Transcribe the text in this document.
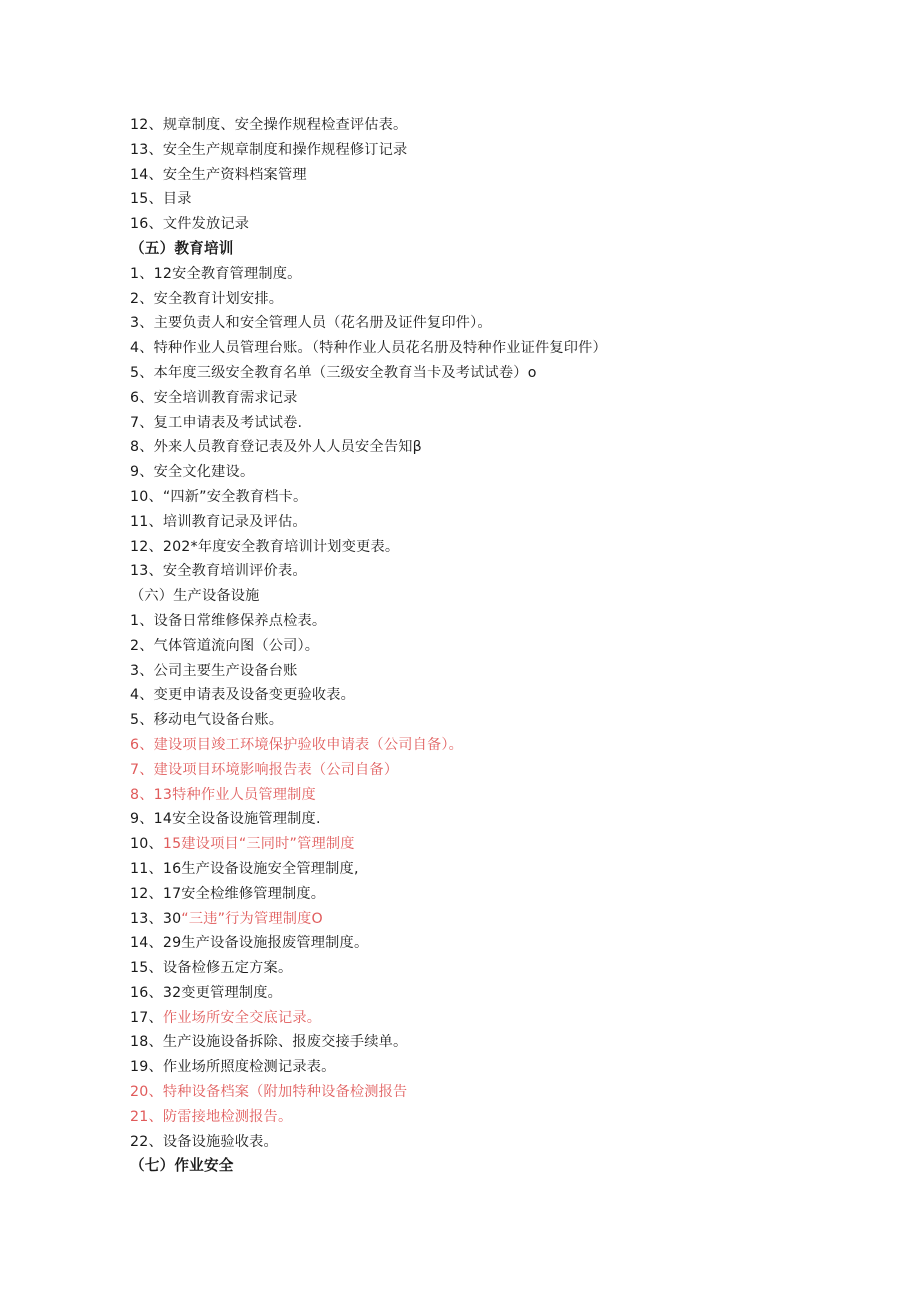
12、规章制度、安全操作规程检查评估表。
13、安全生产规章制度和操作规程修订记录
14、安全生产资料档案管理
15、目录
16、文件发放记录
（五）教育培训
1、12安全教育管理制度。
2、安全教育计划安排。
3、主要负责人和安全管理人员（花名册及证件复印件）。
4、特种作业人员管理台账。（特种作业人员花名册及特种作业证件复印件）
5、本年度三级安全教育名单（三级安全教育当卡及考试试卷）o
6、安全培训教育需求记录
7、复工申请表及考试试卷.
8、外来人员教育登记表及外人人员安全告知β
9、安全文化建设。
10、“四新”安全教育档卡。
11、培训教育记录及评估。
12、202*年度安全教育培训计划变更表。
13、安全教育培训评价表。
（六）生产设备设施
1、设备日常维修保养点检表。
2、气体管道流向图（公司）。
3、公司主要生产设备台账
4、变更申请表及设备变更验收表。
5、移动电气设备台账。
6、建设项目竣工环境保护验收申请表（公司自备）。
7、建设项目环境影响报告表（公司自备）
8、13特种作业人员管理制度
9、14安全设备设施管理制度.
10、15建设项目“三同时”管理制度
11、16生产设备设施安全管理制度,
12、17安全检维修管理制度。
13、30“三违”行为管理制度O
14、29生产设备设施报废管理制度。
15、设备检修五定方案。
16、32变更管理制度。
17、作业场所安全交底记录。
18、生产设施设备拆除、报废交接手续单。
19、作业场所照度检测记录表。
20、特种设备档案（附加特种设备检测报告
21、防雷接地检测报告。
22、设备设施验收表。
（七）作业安全
